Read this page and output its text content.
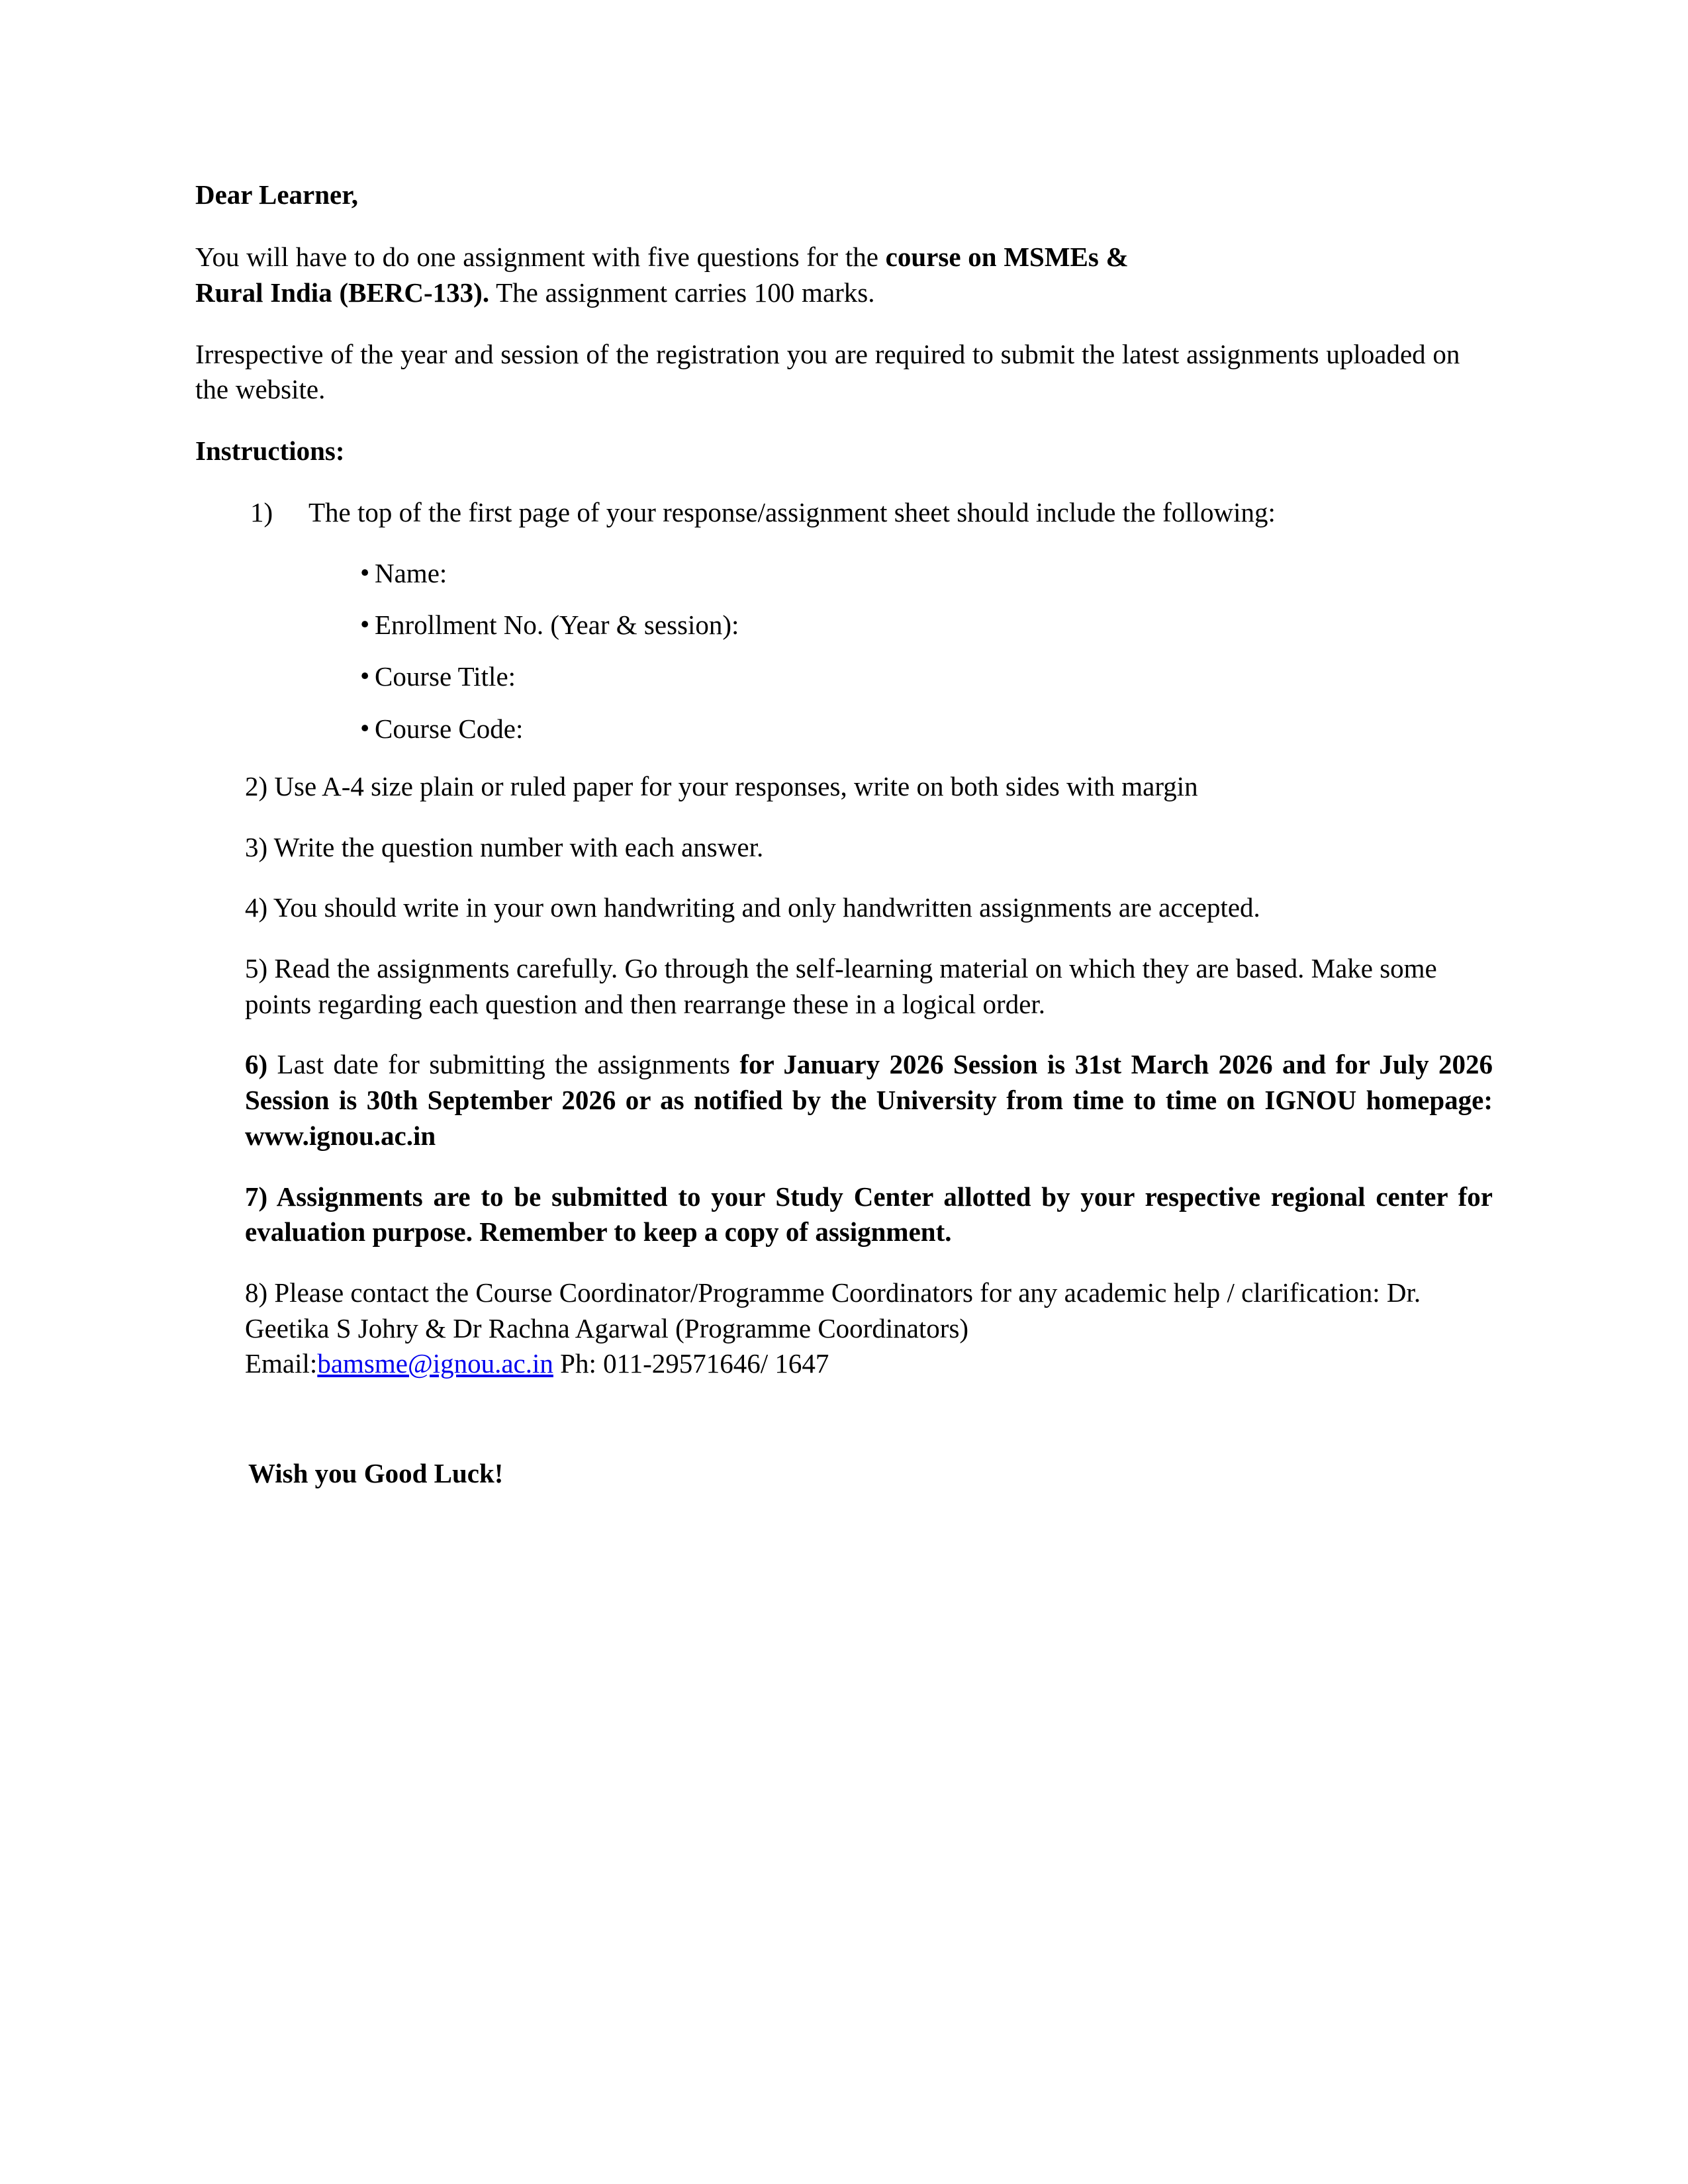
Dear Learner,

You will have to do one assignment with five questions for the course on MSMEs &
Rural India (BERC-133). The assignment carries 100 marks.

Irrespective of the year and session of the registration you are required to submit the latest assignments uploaded on the website.

Instructions:

1) The top of the first page of your response/assignment sheet should include the following:
• Name:
• Enrollment No. (Year & session):
• Course Title:
• Course Code:

2) Use A-4 size plain or ruled paper for your responses, write on both sides with margin

3) Write the question number with each answer.

4) You should write in your own handwriting and only handwritten assignments are accepted.

5) Read the assignments carefully. Go through the self-learning material on which they are based. Make some points regarding each question and then rearrange these in a logical order.

6) Last date for submitting the assignments for January 2026 Session is 31st March 2026 and for July 2026 Session is 30th September 2026 or as notified by the University from time to time on IGNOU homepage: www.ignou.ac.in

7) Assignments are to be submitted to your Study Center allotted by your respective regional center for evaluation purpose. Remember to keep a copy of assignment.

8) Please contact the Course Coordinator/Programme Coordinators for any academic help / clarification: Dr. Geetika S Johry & Dr Rachna Agarwal (Programme Coordinators)
Email:bamsme@ignou.ac.in Ph: 011-29571646/ 1647

Wish you Good Luck!
